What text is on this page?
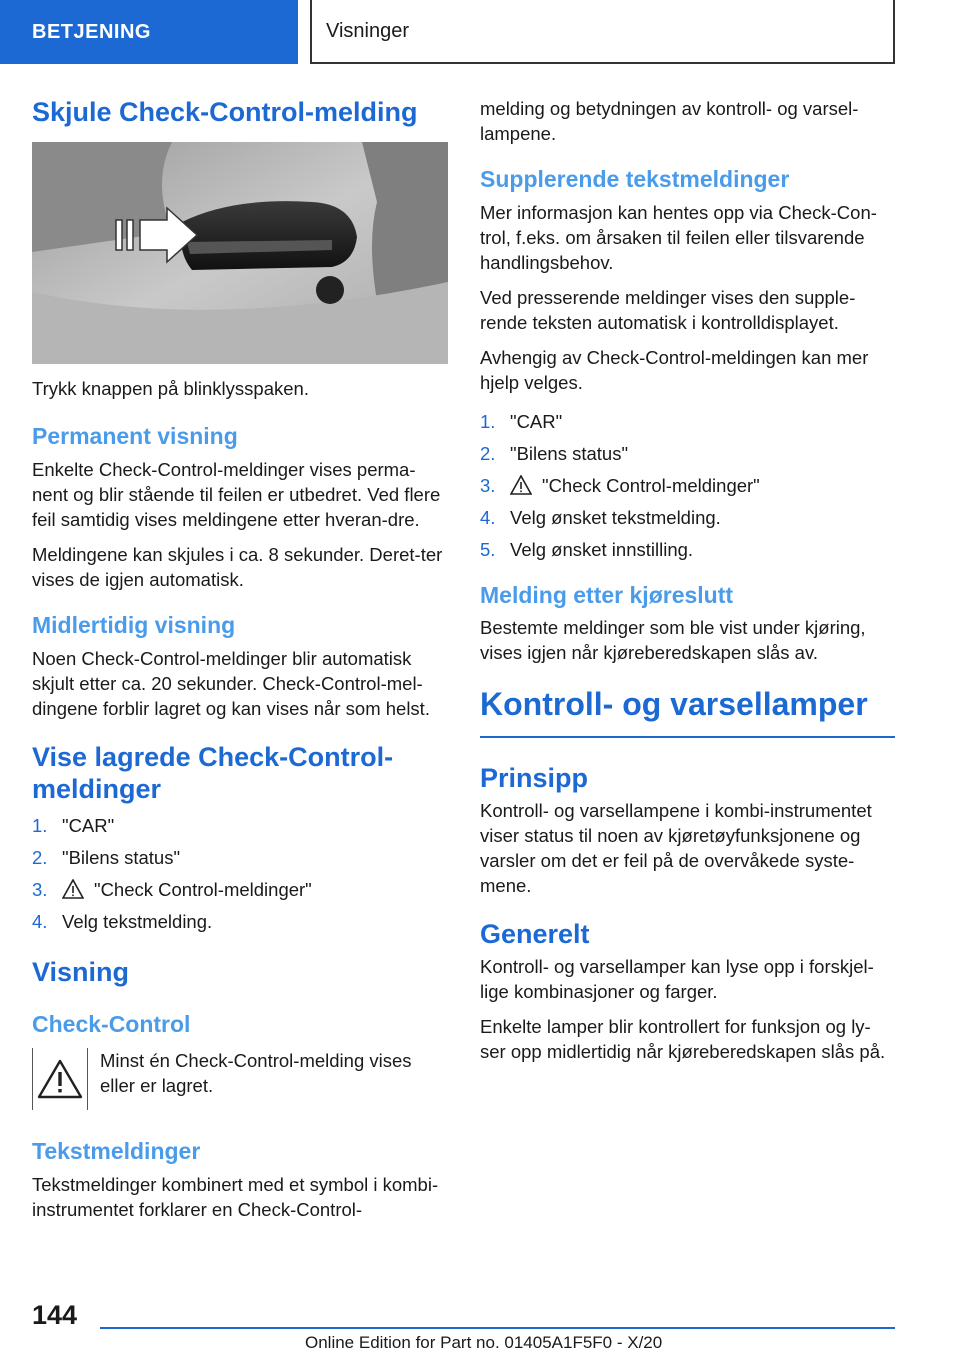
BETJENING	Visninger
Skjule Check-Control-melding

Trykk knappen på blinklysspaken.

Permanent visning

Enkelte Check-Control-meldinger vises perma-nent og blir stående til feilen er utbedret. Ved flere feil samtidig vises meldingene etter hveran-dre.

Meldingene kan skjules i ca. 8 sekunder. Deret-ter vises de igjen automatisk.

Midlertidig visning

Noen Check-Control-meldinger blir automatisk skjult etter ca. 20 sekunder. Check-Control-mel-dingene forblir lagret og kan vises når som helst.

Vise lagrede Check-Control-meldinger
1. "CAR"
2. "Bilens status"
3.	"Check Control-meldinger"
4. Velg tekstmelding.
Visning
Check-Control

Minst én Check-Control-melding vises eller er lagret.

Tekstmeldinger

Tekstmeldinger kombinert med et symbol i kombi-instrumentet forklarer en Check-Control-

melding og betydningen av kontroll- og varsel-lampene.

Supplerende tekstmeldinger

Mer informasjon kan hentes opp via Check-Con-trol, f.eks. om årsaken til feilen eller tilsvarende handlingsbehov.

Ved presserende meldinger vises den supple-rende teksten automatisk i kontrolldisplayet.

Avhengig av Check-Control-meldingen kan mer hjelp velges.

1. "CAR"
2. "Bilens status"
3.	"Check Control-meldinger"
4. Velg ønsket tekstmelding.
5. Velg ønsket innstilling.
Melding etter kjøreslutt

Bestemte meldinger som ble vist under kjøring, vises igjen når kjøreberedskapen slås av.

Kontroll- og varsellamper
Prinsipp

Kontroll- og varsellampene i kombi-instrumentet viser status til noen av kjøretøyfunksjonene og varsler om det er feil på de overvåkede syste-mene.

Generelt

Kontroll- og varsellamper kan lyse opp i forskjel-lige kombinasjoner og farger.

Enkelte lamper blir kontrollert for funksjon og ly-ser opp midlertidig når kjøreberedskapen slås på.

144
Online Edition for Part no. 01405A1F5F0 - X/20
